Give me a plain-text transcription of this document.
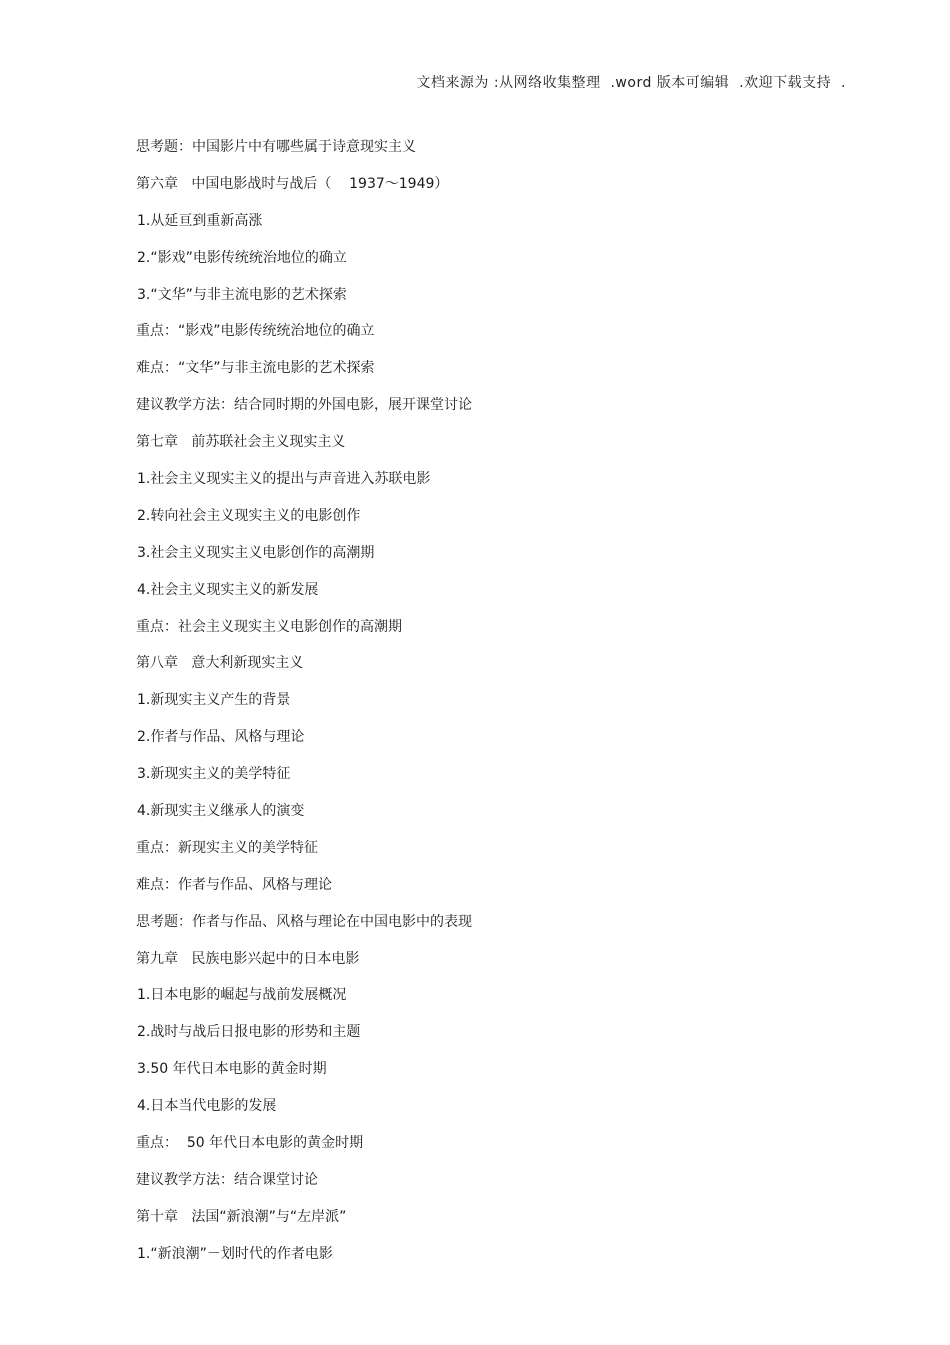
文档来源为 :从网络收集整理  .word 版本可编辑  .欢迎下载支持  .
思考题：中国影片中有哪些属于诗意现实主义
第六章   中国电影战时与战后（    1937～1949）
1.从延亘到重新高涨
2.“影戏”电影传统统治地位的确立
3.“文华”与非主流电影的艺术探索
重点：“影戏”电影传统统治地位的确立
难点：“文华”与非主流电影的艺术探索
建议教学方法：结合同时期的外国电影，展开课堂讨论
第七章   前苏联社会主义现实主义
1.社会主义现实主义的提出与声音进入苏联电影
2.转向社会主义现实主义的电影创作
3.社会主义现实主义电影创作的高潮期
4.社会主义现实主义的新发展
重点：社会主义现实主义电影创作的高潮期
第八章   意大利新现实主义
1.新现实主义产生的背景
2.作者与作品、风格与理论
3.新现实主义的美学特征
4.新现实主义继承人的演变
重点：新现实主义的美学特征
难点：作者与作品、风格与理论
思考题：作者与作品、风格与理论在中国电影中的表现
第九章   民族电影兴起中的日本电影
1.日本电影的崛起与战前发展概况
2.战时与战后日报电影的形势和主题
3.50 年代日本电影的黄金时期
4.日本当代电影的发展
重点：  50 年代日本电影的黄金时期
建议教学方法：结合课堂讨论
第十章   法国“新浪潮”与“左岸派”
1.“新浪潮”－划时代的作者电影
